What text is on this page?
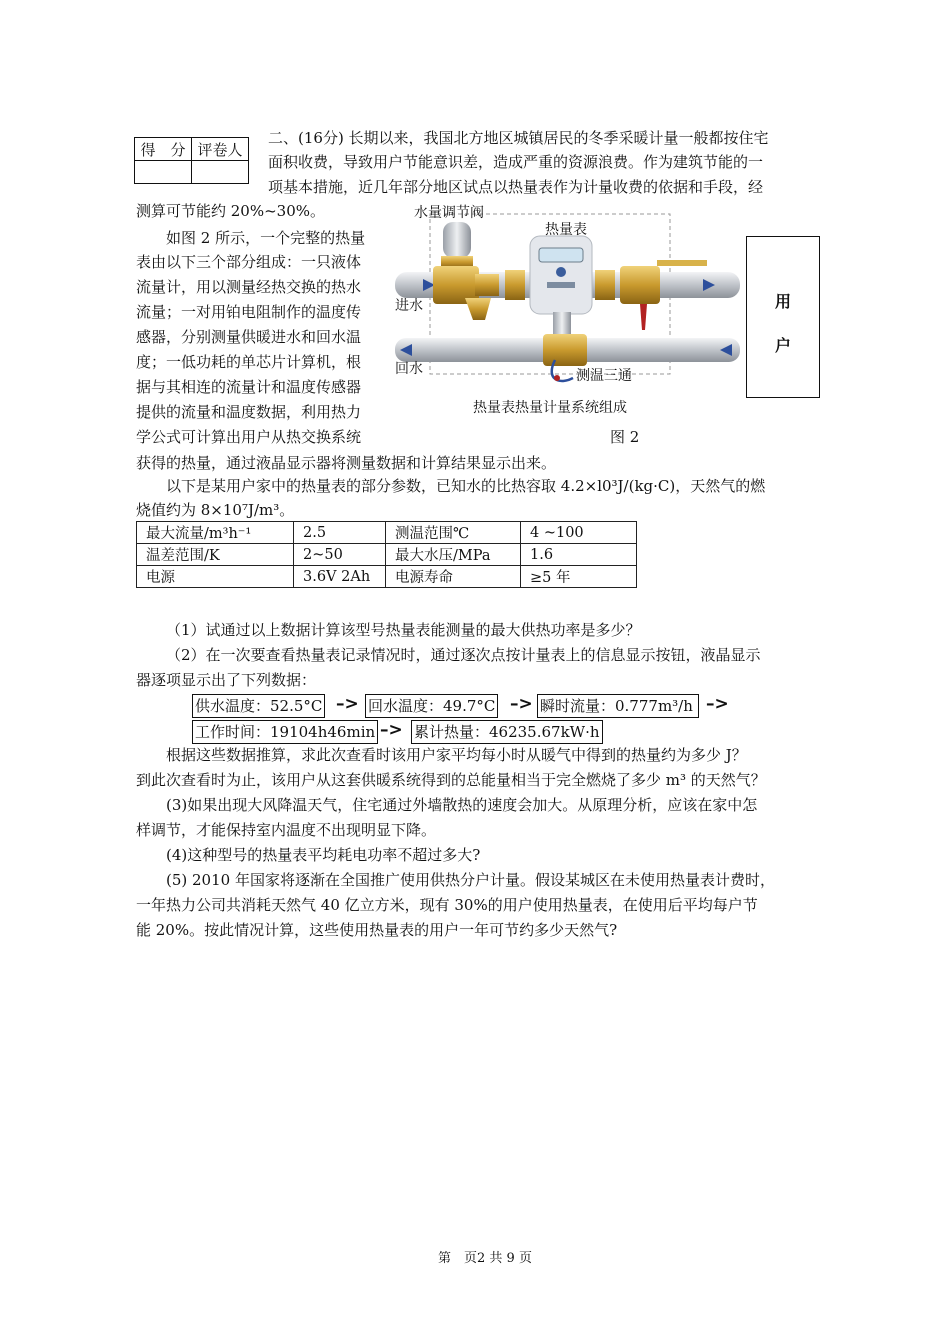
得　分	评卷人

二、(16分) 长期以来，我国北方地区城镇居民的冬季采暖计量一般都按住宅
面积收费，导致用户节能意识差，造成严重的资源浪费。作为建筑节能的一
项基本措施，近几年部分地区试点以热量表作为计量收费的依据和手段，经
测算可节能约 20%~30%。
如图 2 所示，一个完整的热量
表由以下三个部分组成：一只液体
流量计，用以测量经热交换的热水
流量；一对用铂电阻制作的温度传
感器，分别测量供暖进水和回水温
度；一低功耗的单芯片计算机，根
据与其相连的流量计和温度传感器
提供的流量和温度数据，利用热力
学公式可计算出用户从热交换系统
水量调节阀
热量表
进水
回水	测温三通
热量表热量计量系统组成
用
户
图 2
获得的热量，通过液晶显示器将测量数据和计算结果显示出来。
以下是某用户家中的热量表的部分参数，已知水的比热容取 4.2×l0³J/(kg·C)，天然气的燃
烧值约为 8×10⁷J/m³。
最大流量/m³h⁻¹	2.5	测温范围℃	4 ~100
温差范围/K	2~50	最大水压/MPa	1.6
电源	3.6V 2Ah	电源寿命	≥5 年
（1）试通过以上数据计算该型号热量表能测量的最大供热功率是多少？
（2）在一次要查看热量表记录情况时，通过逐次点按计量表上的信息显示按钮，液晶显示
器逐项显示出了下列数据：
供水温度：52.5°C –> 回水温度：49.7°C –> 瞬时流量：0.777m³/h –>
工作时间：19104h46min –> 累计热量：46235.67kW·h
根据这些数据推算，求此次查看时该用户家平均每小时从暖气中得到的热量约为多少 J？
到此次查看时为止，该用户从这套供暖系统得到的总能量相当于完全燃烧了多少 m³ 的天然气？
(3)如果出现大风降温天气，住宅通过外墙散热的速度会加大。从原理分析，应该在家中怎
样调节，才能保持室内温度不出现明显下降。
(4)这种型号的热量表平均耗电功率不超过多大?
(5) 2010 年国家将逐渐在全国推广使用供热分户计量。假设某城区在未使用热量表计费时，
一年热力公司共消耗天然气 40 亿立方米，现有 30%的用户使用热量表，在使用后平均每户节
能 20%。按此情况计算，这些使用热量表的用户一年可节约多少天然气?
第　页2 共 9 页
